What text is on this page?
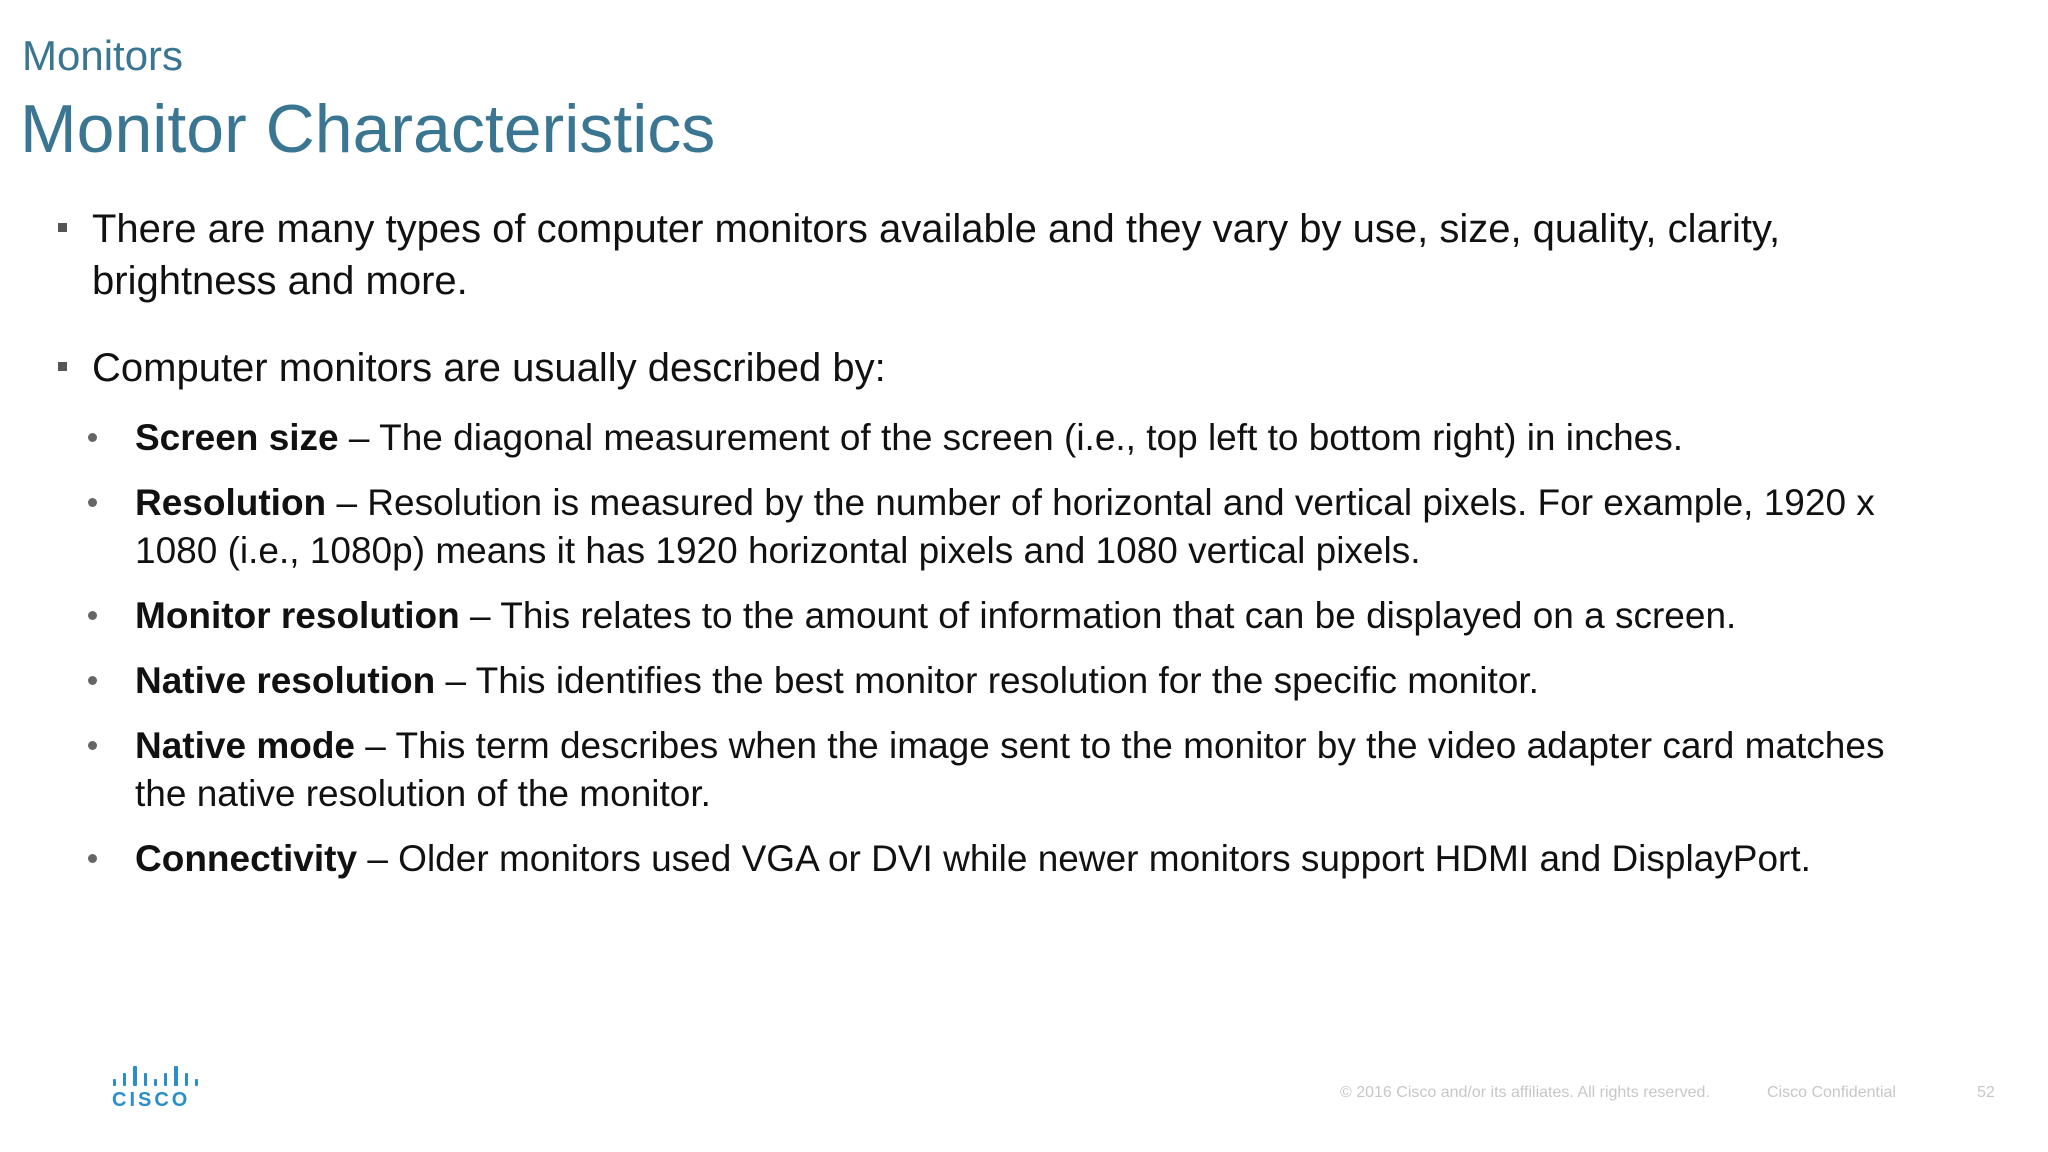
Monitors
Monitor Characteristics
There are many types of computer monitors available and they vary by use, size, quality, clarity, brightness and more.
Computer monitors are usually described by:
Screen size – The diagonal measurement of the screen (i.e., top left to bottom right) in inches.
Resolution – Resolution is measured by the number of horizontal and vertical pixels. For example, 1920 x 1080 (i.e., 1080p) means it has 1920 horizontal pixels and 1080 vertical pixels.
Monitor resolution – This relates to the amount of information that can be displayed on a screen.
Native resolution – This identifies the best monitor resolution for the specific monitor.
Native mode – This term describes when the image sent to the monitor by the video adapter card matches the native resolution of the monitor.
Connectivity – Older monitors used VGA or DVI while newer monitors support HDMI and DisplayPort.
CISCO	© 2016 Cisco and/or its affiliates. All rights reserved.	Cisco Confidential	52
